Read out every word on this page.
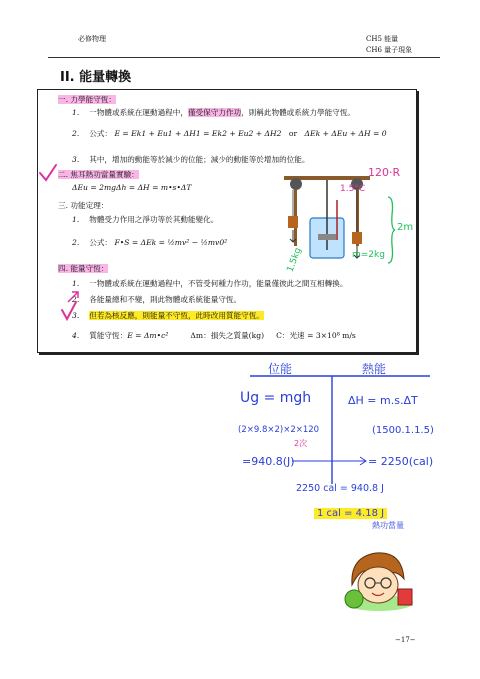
必修物理	CH5 能量
CH6 量子現象
II. 能量轉換
一. 力學能守恆：
1. 一物體或系統在運動過程中，僅受保守力作功，則稱此物體或系統力學能守恆。
2. 公式： E = Ek1 + Eu1 + ΔH1 = Ek2 + Eu2 + ΔH2 or ΔEk + ΔEu + ΔH = 0
3. 其中，增加的動能等於減少的位能；減少的動能等於增加的位能。
二. 焦耳熱功當量實驗：
ΔEu = 2mgΔh = ΔH = m•s•ΔT
三. 功能定理：
1. 物體受力作用之淨功等於其動能變化。
2. 公式： F•S = ΔEk = ½mv² − ½mv0²
四. 能量守恆：
1. 一物體或系統在運動過程中，不管受何種力作功，能量僅彼此之間互相轉換。
2. 各能量總和不變，則此物體或系統能量守恆。
3. 但若為核反應，則能量不守恆，此時改用質能守恆。
4. 質能守恆：E = Δm•c²	Δm：損失之質量(kg) C：光速 = 3×10⁸ m/s
120·R
1.5°C
2m
1.5kg	m=2kg
位能	熱能
Ug = mgh	ΔH = m.s.ΔT
(2×9.8×2)×2×120
2次
(1500.1.1.5)
=940.8(J)	= 2250(cal)
2250 cal = 940.8 J
1 cal = 4.18 J
熱功當量
−17−
